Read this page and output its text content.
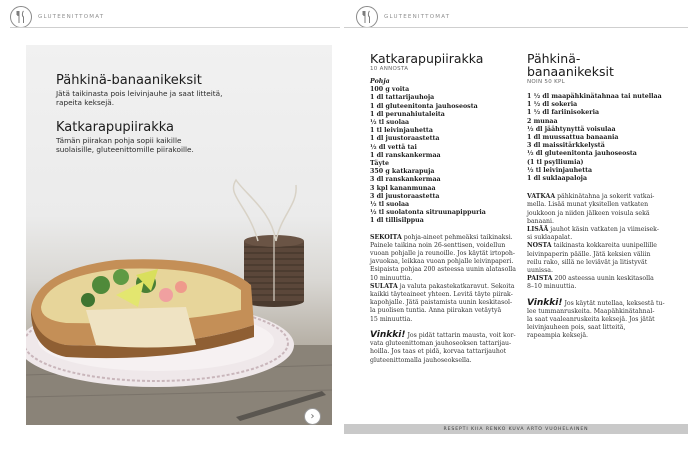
GLUTEENITTOMAT	GLUTEENITTOMAT
Pähkinä-banaanikeksit
Jätä taikinasta pois leivinjauhe ja saat litteitä,
rapeita keksejä.
Katkarapupiirakka
Tämän piirakan pohja sopii kaikille
suolaisille, gluteenittomille piirakoille.
›
Katkarapupiirakka
10 ANNOSTA
Pohja
100 g voita
1 dl tattarijauhoja
1 dl gluteenitonta jauhoseosta
1 dl perunahiutaleita
½ tl suolaa
1 tl leivinjauhetta
1 dl juustoraastetta
½ dl vettä tai
1 dl ranskankermaa
Täyte
350 g katkarapuja
3 dl ranskankermaa
3 kpl kananmunaa
3 dl juustoraastetta
½ tl suolaa
½ tl suolatonta sitruunapippuria
1 dl tillisilppua
SEKOITA pohja-aineet pehmeäksi taikinaksi.
Painele taikina noin 26-senttisen, voidellun
vuoan pohjalle ja reunoille. Jos käytät irtopoh-
javuokaa, leikkaa vuoan pohjalle leivinpaperi.
Esipaista pohjaa 200 asteessa uunin alatasolla
10 minuuttia.
SULATA ja valuta pakastekatkaravut. Sekoita
kaikki täyteaineet yhteen. Levitä täyte piirak-
kapohjalle. Jätä paistamista uunin keskitasol-
la puolisen tuntia. Anna piirakan vetäytyä
15 minuuttia.
Vinkki! Jos pidät tattarin mausta, voit kor-
vata gluteenittoman jauhoseoksen tattarijau-
hoilla. Jos taas et pidä, korvaa tattarijauhot
gluteenittomalla jauhoseoksella.
Pähkinä-
banaanikeksit
NOIN 50 KPL
1 ½ dl maapähkinätahnaa tai nutellaa
1 ½ dl sokeria
1 ½ dl fariinisokeria
2 munaa
½ dl jäähtynyttä voisulaa
1 dl muussattua banaania
3 dl maissitärkkelystä
½ dl gluteenitonta jauhoseosta
(1 tl psylliumia)
½ tl leivinjauhetta
1 dl suklaapaloja
VATKAA pähkinätahna ja sokerit vatkai-
mella. Lisää munat yksitellen vatkaten
joukkoon ja niiden jälkeen voisula sekä
banaani.
LISÄÄ jauhot käsin vatkaten ja viimeisek-
si suklaapalat.
NOSTA taikinasta kokkareita uunipellille
leivinpaperin päälle. Jätä keksien väliin
reilu rako, sillä ne leviävät ja litistyvät
uunissa.
PAISTA 200 asteessa uunin keskitasolla
8–10 minuuttia.
Vinkki! Jos käytät nutellaa, keksestä tu-
lee tummanruskeita. Maapähkinätahnal-
la saat vaaleanruskeita keksejä. Jos jätät
leivinjauheen pois, saat litteitä,
rapeampia keksejä.
RESEPTI KIIA RENKO KUVA ARTO VUOHELAINEN
